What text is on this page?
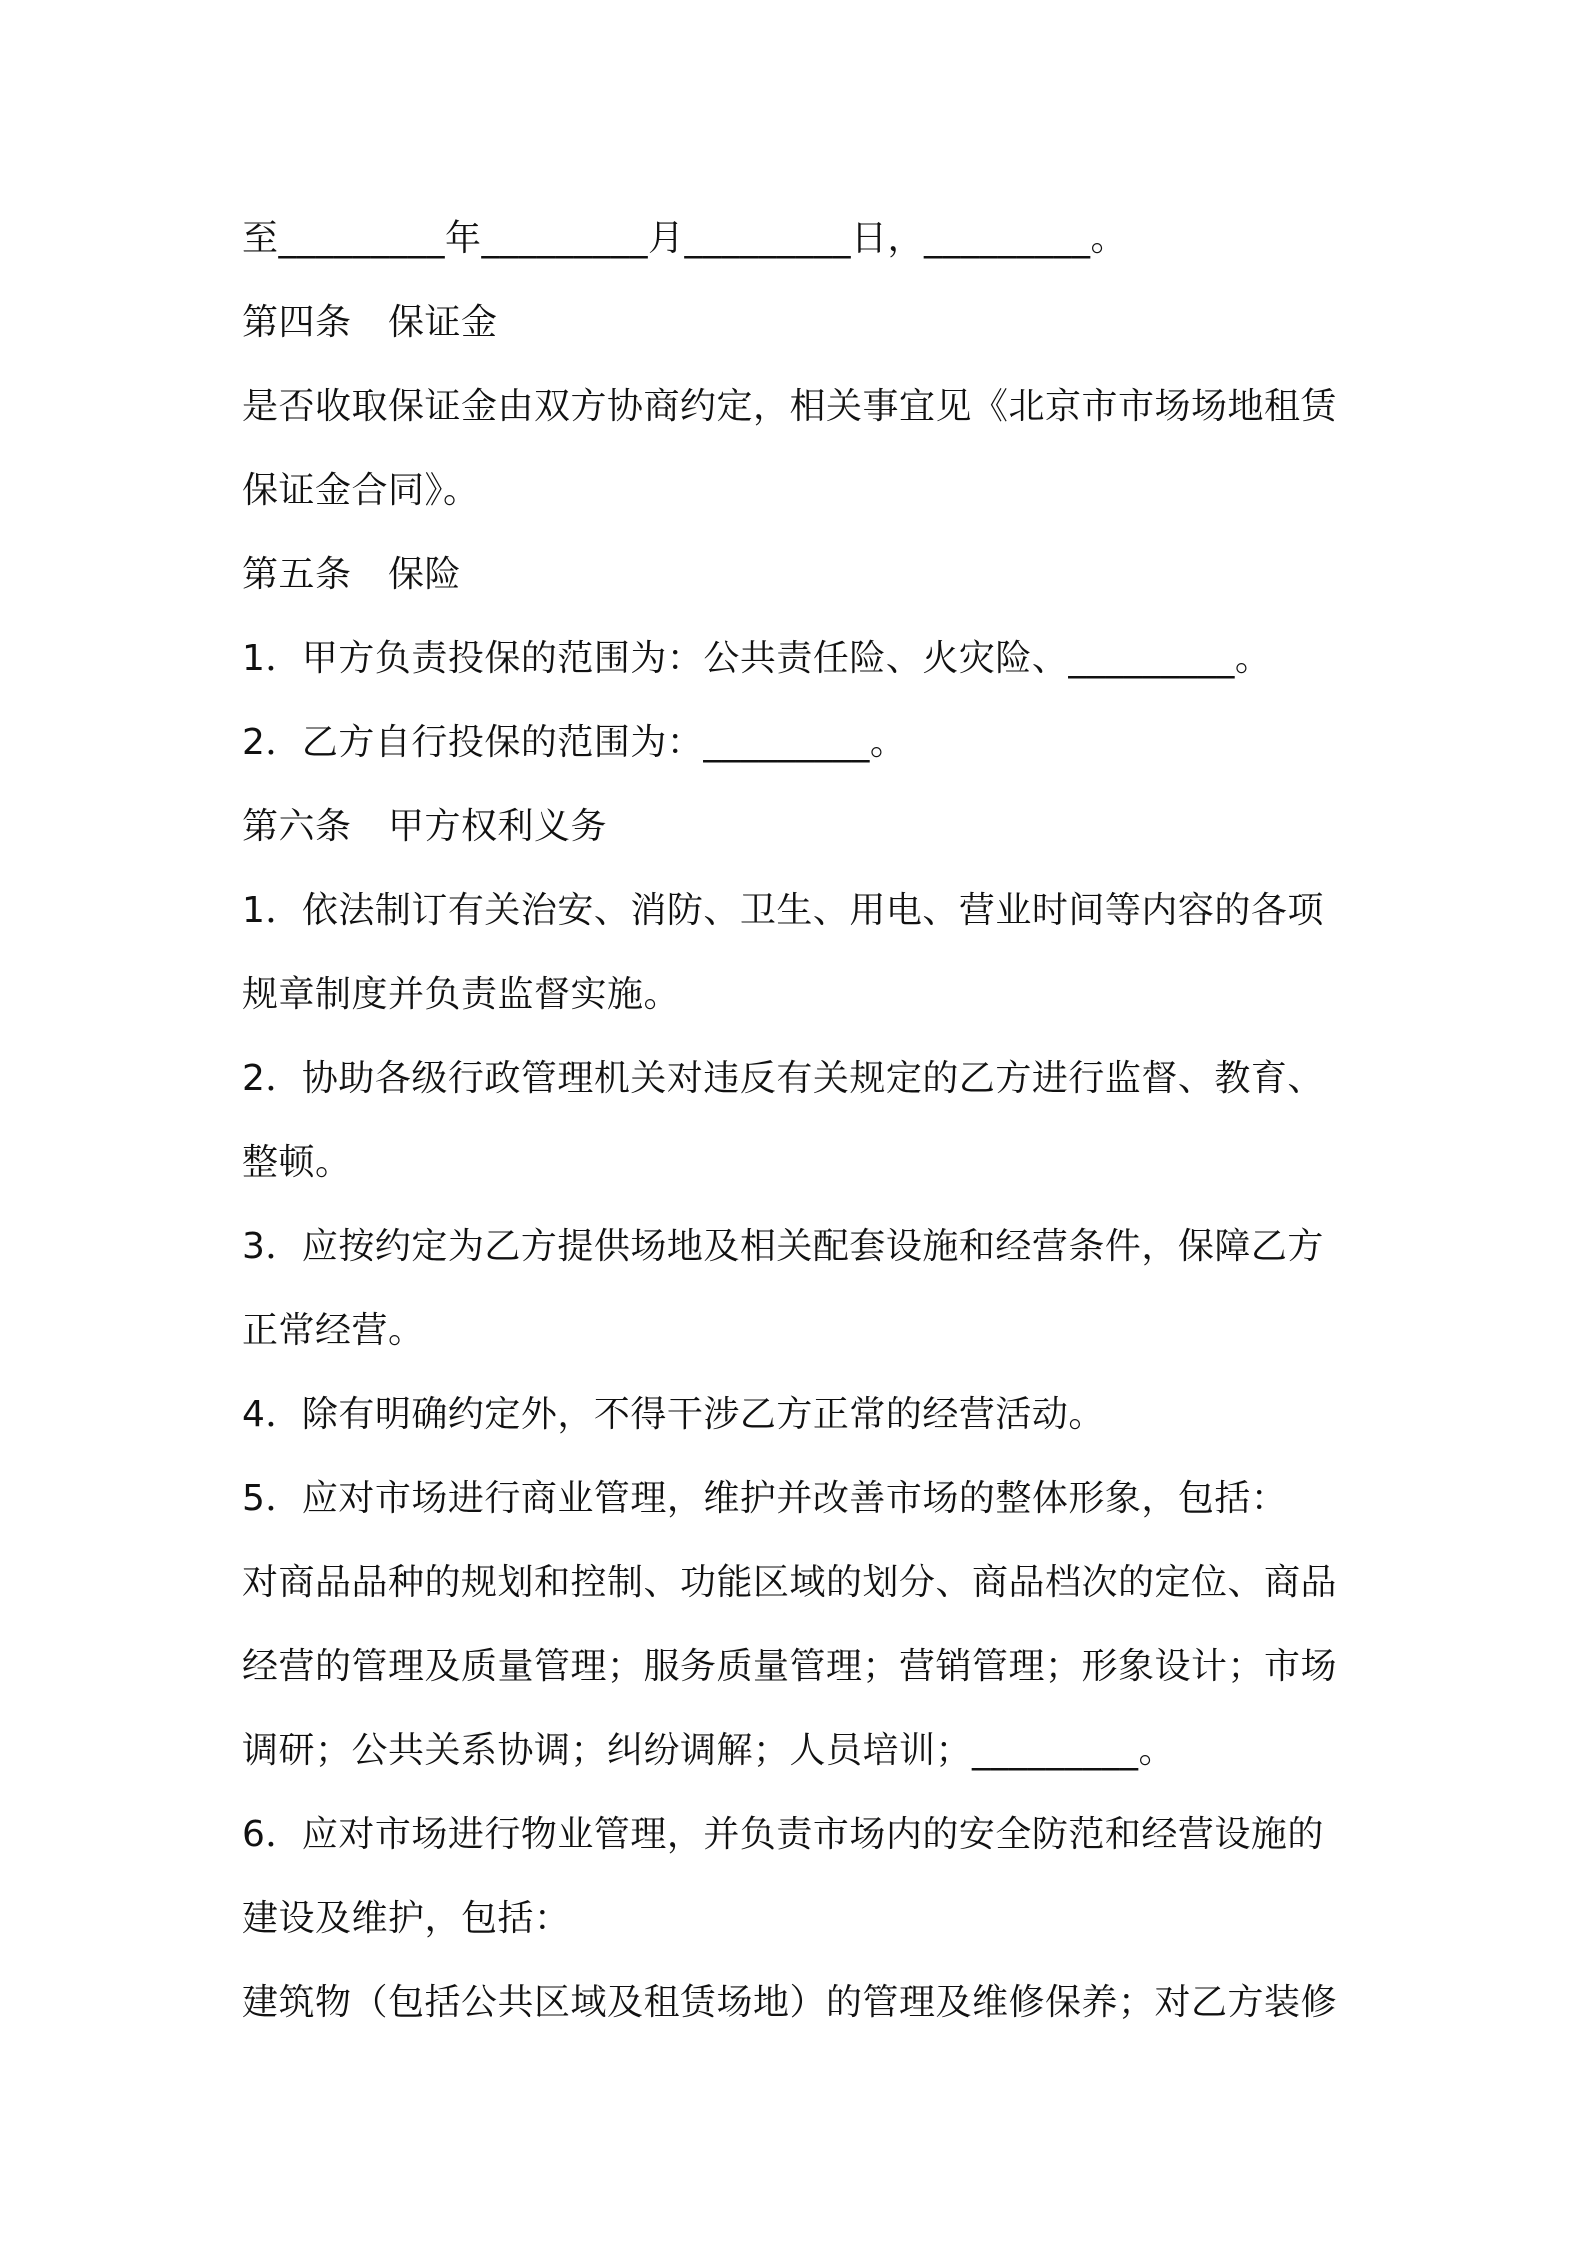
至_________年_________月_________日，_________。
第四条　保证金
是否收取保证金由双方协商约定，相关事宜见《北京市市场场地租赁
保证金合同》。
第五条　保险
1．甲方负责投保的范围为：公共责任险、火灾险、_________。
2．乙方自行投保的范围为：_________。
第六条　甲方权利义务
1．依法制订有关治安、消防、卫生、用电、营业时间等内容的各项
规章制度并负责监督实施。
2．协助各级行政管理机关对违反有关规定的乙方进行监督、教育、
整顿。
3．应按约定为乙方提供场地及相关配套设施和经营条件，保障乙方
正常经营。
4．除有明确约定外，不得干涉乙方正常的经营活动。
5．应对市场进行商业管理，维护并改善市场的整体形象，包括：
对商品品种的规划和控制、功能区域的划分、商品档次的定位、商品
经营的管理及质量管理；服务质量管理；营销管理；形象设计；市场
调研；公共关系协调；纠纷调解；人员培训；_________。
6．应对市场进行物业管理，并负责市场内的安全防范和经营设施的
建设及维护，包括：
建筑物（包括公共区域及租赁场地）的管理及维修保养；对乙方装修
